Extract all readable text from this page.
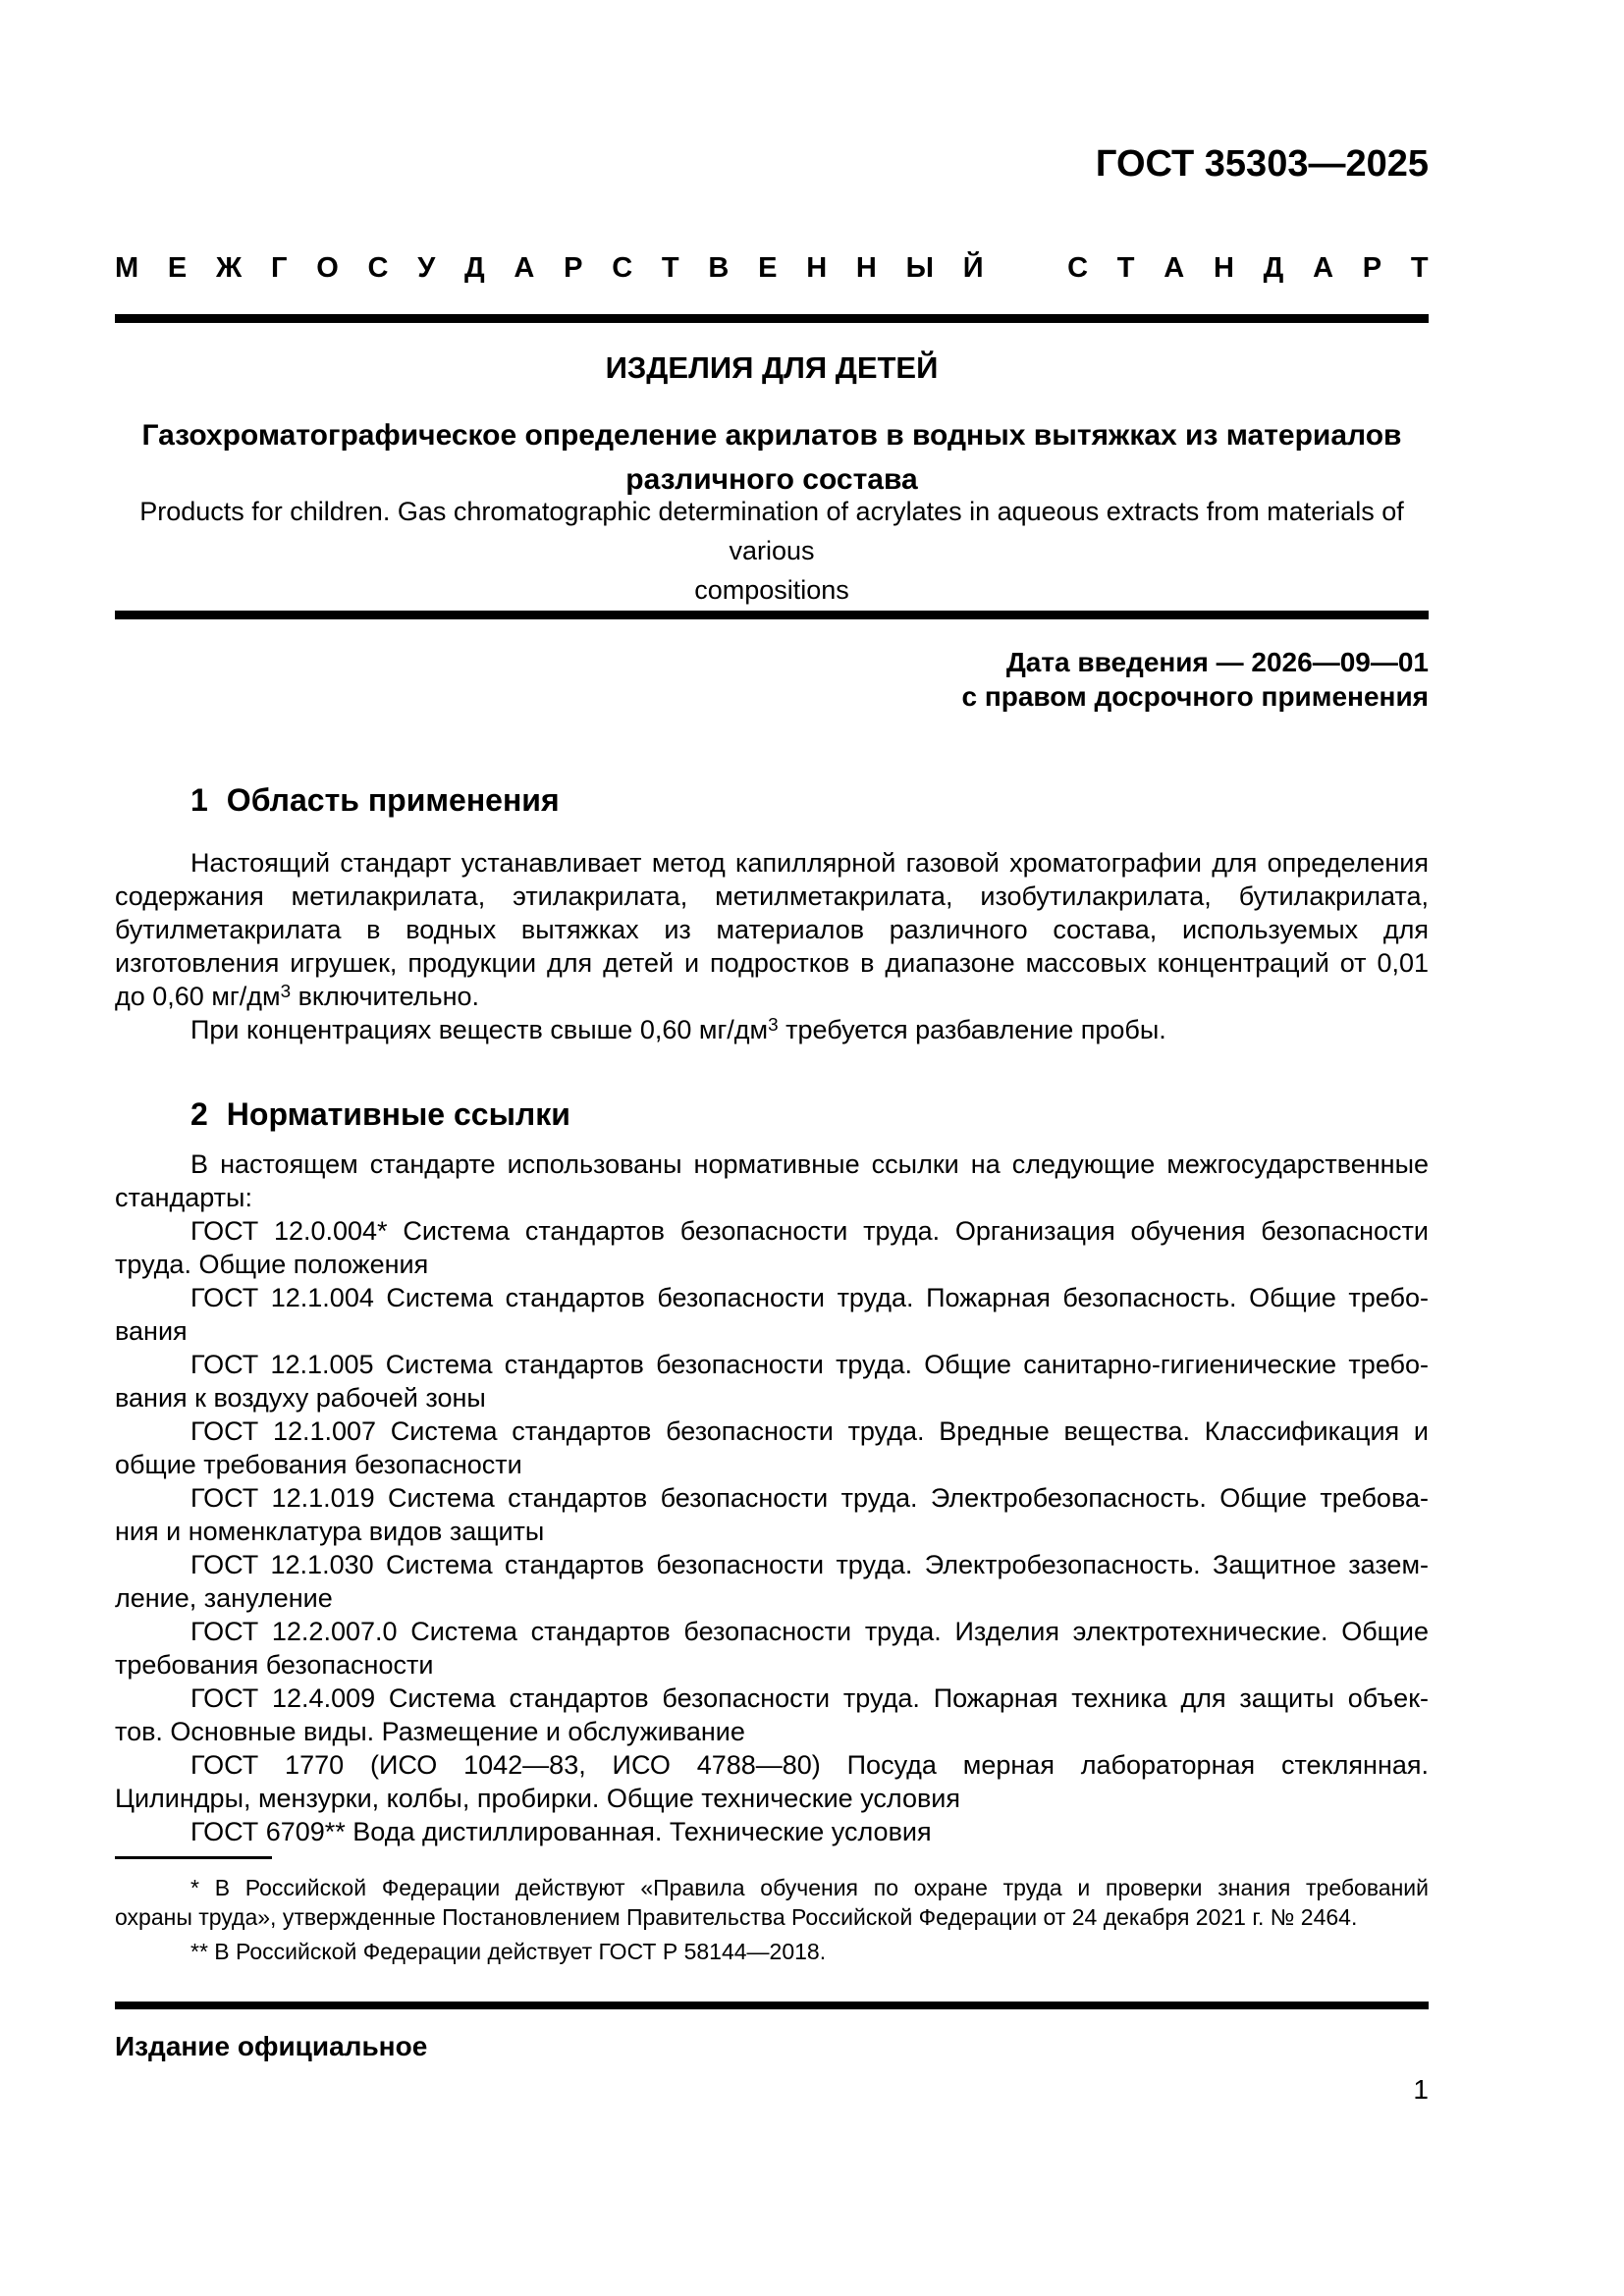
ГОСТ 35303—2025
М Е Ж Г О С У Д А Р С Т В Е Н Н Ы Й	С Т А Н Д А Р Т
ИЗДЕЛИЯ ДЛЯ ДЕТЕЙ
Газохроматографическое определение акрилатов в водных вытяжках из материалов
различного состава
Products for children. Gas chromatographic determination of acrylates in aqueous extracts from materials of various
compositions
Дата введения — 2026—09—01
с правом досрочного применения
1 Область применения
Настоящий стандарт устанавливает метод капиллярной газовой хроматографии для определения
содержания метилакрилата, этилакрилата, метилметакрилата, изобутилакрилата, бутилакрилата,
бутилметакрилата в водных вытяжках из материалов различного состава, используемых для
изготовления игрушек, продукции для детей и подростков в диапазоне массовых концентраций от 0,01
до 0,60 $мг/дм^3$ включительно.
При концентрациях веществ свыше 0,60 $мг/дм^3$ требуется разбавление пробы.
2 Нормативные ссылки
В настоящем стандарте использованы нормативные ссылки на следующие межгосударственные
стандарты:
ГОСТ 12.0.004* Система стандартов безопасности труда. Организация обучения безопасности
труда. Общие положения
ГОСТ 12.1.004 Система стандартов безопасности труда. Пожарная безопасность. Общие требо-
вания
ГОСТ 12.1.005 Система стандартов безопасности труда. Общие санитарно-гигиенические требо-
вания к воздуху рабочей зоны
ГОСТ 12.1.007 Система стандартов безопасности труда. Вредные вещества. Классификация и
общие требования безопасности
ГОСТ 12.1.019 Система стандартов безопасности труда. Электробезопасность. Общие требова-
ния и номенклатура видов защиты
ГОСТ 12.1.030 Система стандартов безопасности труда. Электробезопасность. Защитное зазем-
ление, зануление
ГОСТ 12.2.007.0 Система стандартов безопасности труда. Изделия электротехнические. Общие
требования безопасности
ГОСТ 12.4.009 Система стандартов безопасности труда. Пожарная техника для защиты объек-
тов. Основные виды. Размещение и обслуживание
ГОСТ 1770 (ИСО 1042—83, ИСО 4788—80) Посуда мерная лабораторная стеклянная.
Цилиндры, мензурки, колбы, пробирки. Общие технические условия
ГОСТ 6709** Вода дистиллированная. Технические условия
* В Российской Федерации действуют «Правила обучения по охране труда и проверки знания требований
охраны труда», утвержденные Постановлением Правительства Российской Федерации от 24 декабря 2021 г. № 2464.
** В Российской Федерации действует ГОСТ Р 58144—2018.
Издание официальное
1
